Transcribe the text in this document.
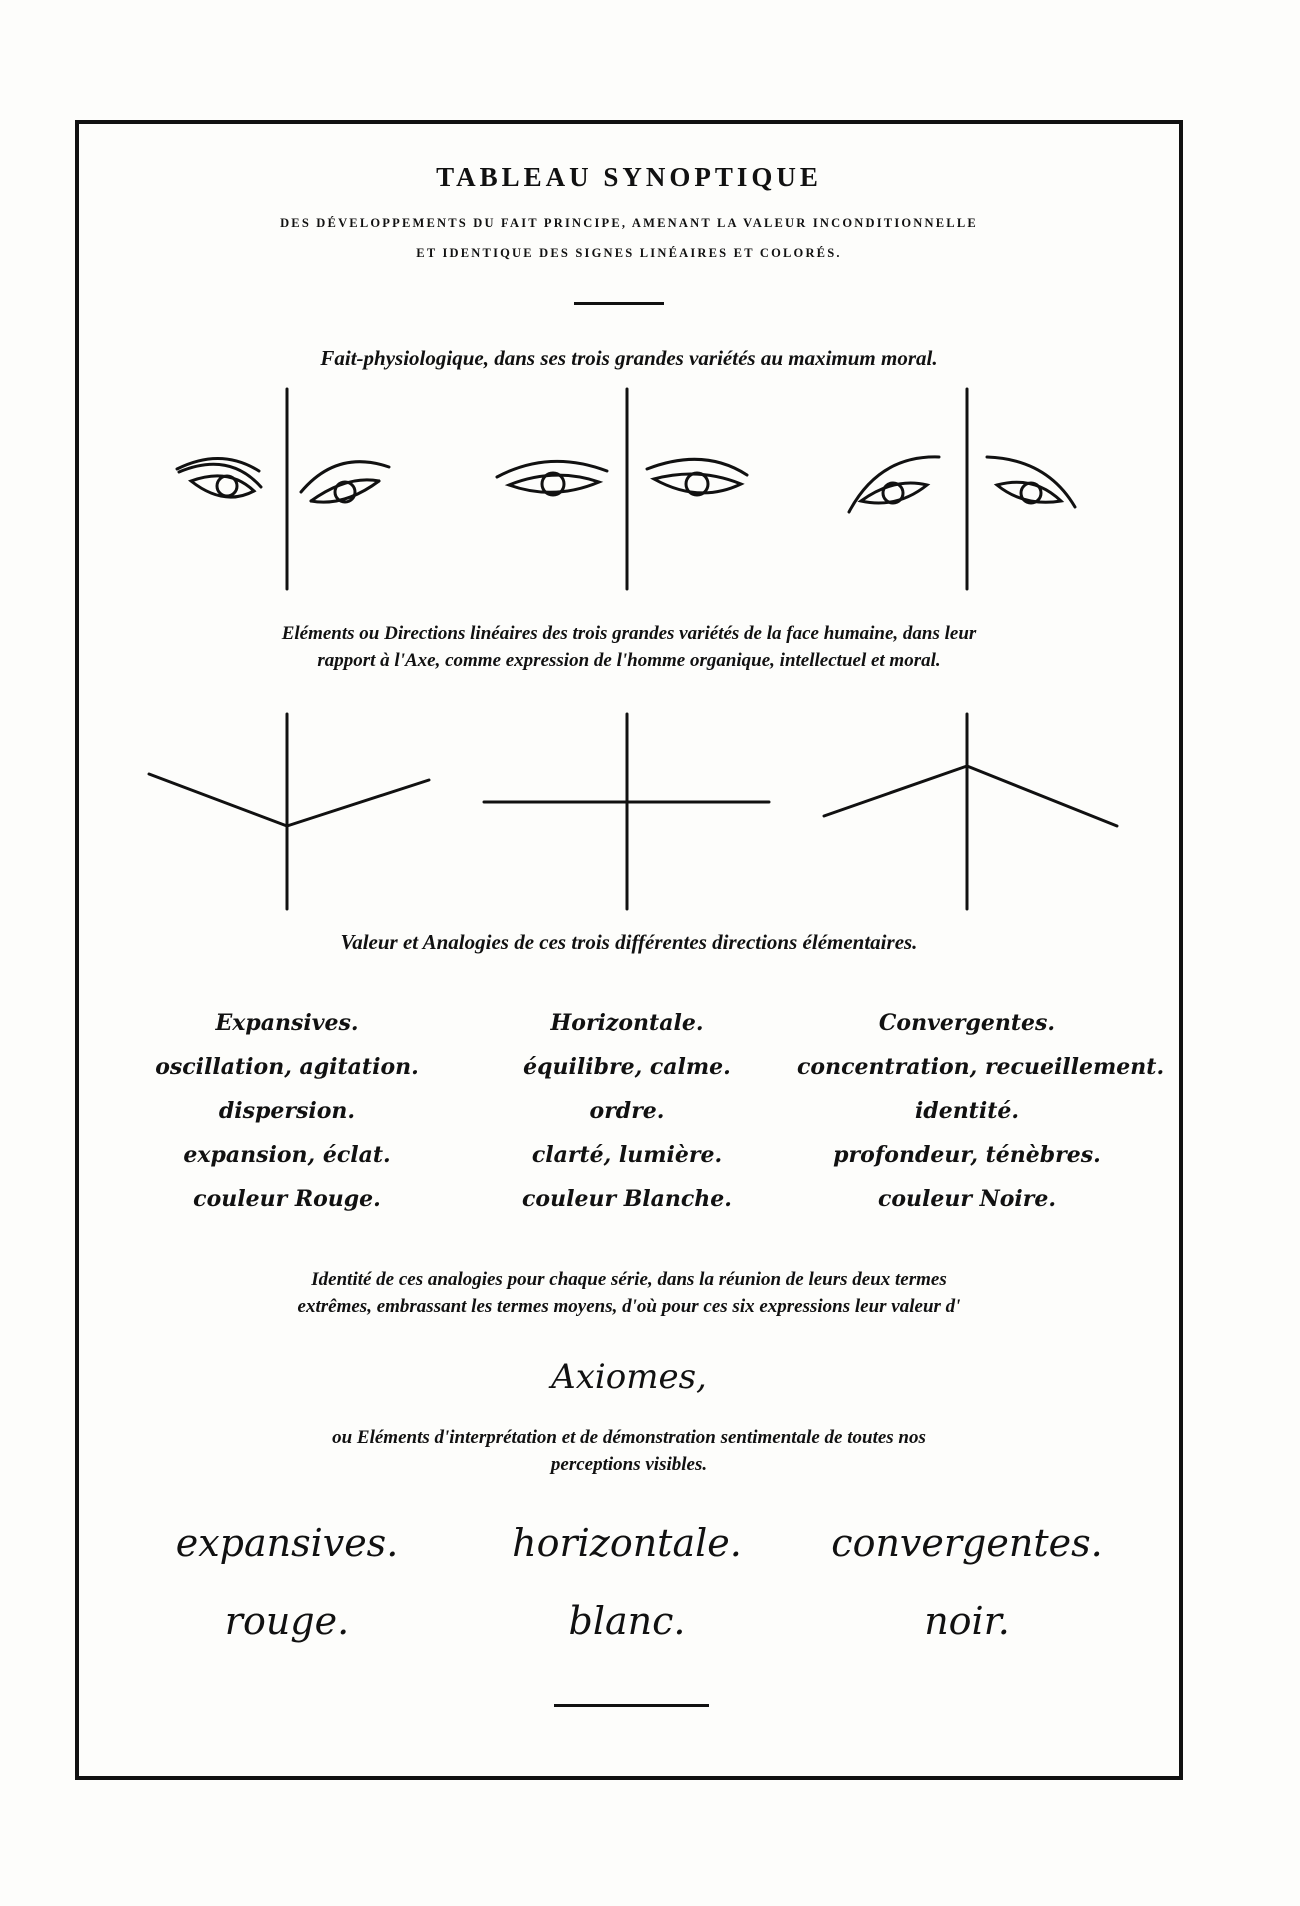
TABLEAU SYNOPTIQUE
DES DÉVELOPPEMENTS DU FAIT PRINCIPE, AMENANT LA VALEUR INCONDITIONNELLE
ET IDENTIQUE DES SIGNES LINÉAIRES ET COLORÉS.
Fait-physiologique, dans ses trois grandes variétés au maximum moral.
Eléments ou Directions linéaires des trois grandes variétés de la face humaine, dans leur
rapport à l'Axe, comme expression de l'homme organique, intellectuel et moral.
Valeur et Analogies de ces trois différentes directions élémentaires.
Expansives.
oscillation, agitation.
dispersion.
expansion, éclat.
couleur Rouge.
Horizontale.
équilibre, calme.
ordre.
clarté, lumière.
couleur Blanche.
Convergentes.
concentration, recueillement.
identité.
profondeur, ténèbres.
couleur Noire.
Identité de ces analogies pour chaque série, dans la réunion de leurs deux termes
extrêmes, embrassant les termes moyens, d'où pour ces six expressions leur valeur d'
Axiomes,
ou Eléments d'interprétation et de démonstration sentimentale de toutes nos
perceptions visibles.
expansives.
rouge.
horizontale.
blanc.
convergentes.
noir.
